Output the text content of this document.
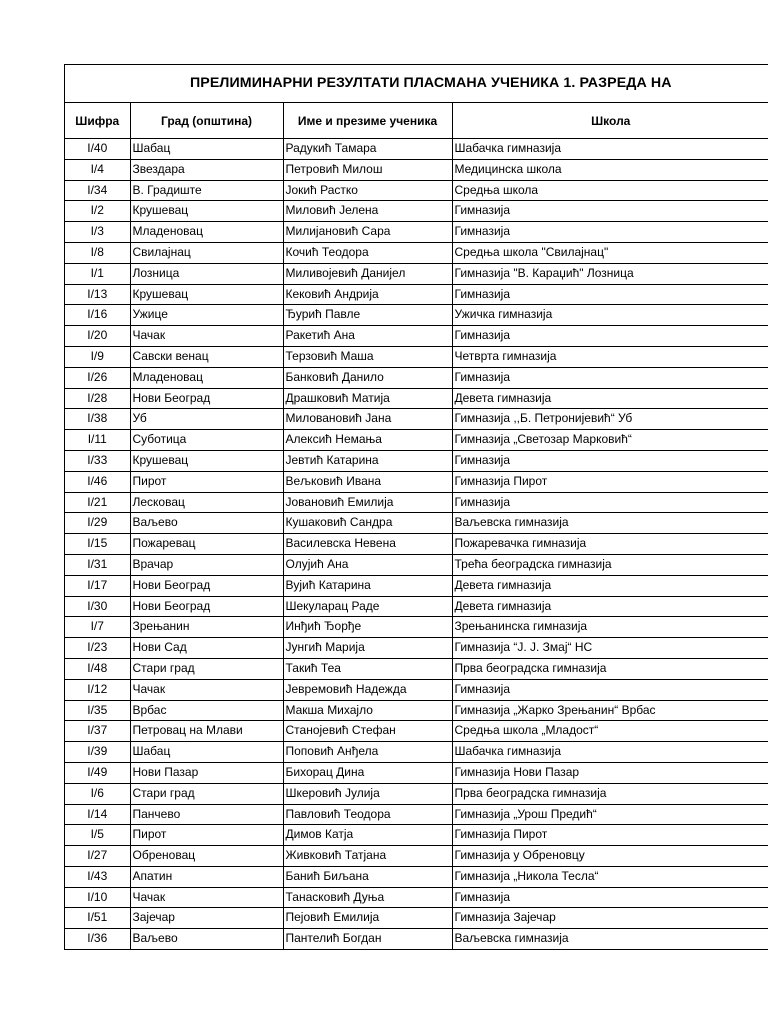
ПРЕЛИМИНАРНИ РЕЗУЛТАТИ ПЛАСМАНА УЧЕНИКА 1. РАЗРЕДА НА
Шифра	Град (општина)	Име и презиме ученика	Школа
I/40	Шабац	Радукић Тамара	Шабачка гимназија
I/4	Звездара	Петровић Милош	Медицинска школа
I/34	В. Градиште	Јокић Растко	Средња школа
I/2	Крушевац	Миловић Јелена	Гимназија
I/3	Младеновац	Милијановић Сара	Гимназија
I/8	Свилајнац	Кочић Теодора	Средња школа "Свилајнац"
I/1	Лозница	Миливојевић Данијел	Гимназија "В. Караџић" Лозница
I/13	Крушевац	Кековић Андрија	Гимназија
I/16	Ужице	Ђурић Павле	Ужичка гимназија
I/20	Чачак	Ракетић Ана	Гимназија
I/9	Савски венац	Терзовић Маша	Четврта гимназија
I/26	Младеновац	Банковић Данило	Гимназија
I/28	Нови Београд	Драшковић Матија	Девета гимназија
I/38	Уб	Миловановић Јана	Гимназија ,,Б. Петронијевић“ Уб
I/11	Суботица	Алексић Немања	Гимназија „Светозар Марковић“
I/33	Крушевац	Јевтић Катарина	Гимназија
I/46	Пирот	Вељковић Ивана	Гимназија Пирот
I/21	Лесковац	Јовановић Емилија	Гимназија
I/29	Ваљево	Кушаковић Сандра	Ваљевска гимназија
I/15	Пожаревац	Василевска Невена	Пожаревачка гимназија
I/31	Врачар	Олујић Ана	Трећа београдска гимназија
I/17	Нови Београд	Вујић Катарина	Девета гимназија
I/30	Нови Београд	Шекуларац Раде	Девета гимназија
I/7	Зрењанин	Инђић Ђорђе	Зрењанинска гимназија
I/23	Нови Сад	Јунгић Марија	Гимназија “J. J. Змај“ НС
I/48	Стари град	Такић Теа	Прва београдска гимназија
I/12	Чачак	Јевремовић Надежда	Гимназија
I/35	Врбас	Макша Михајло	Гимназија „Жарко Зрењанин“ Врбас
I/37	Петровац на Млави	Станојевић Стефан	Средња школа „Младост“
I/39	Шабац	Поповић Анђела	Шабачка гимназија
I/49	Нови Пазар	Бихорац Дина	Гимназија Нови Пазар
I/6	Стари град	Шкеровић Јулија	Прва београдска гимназија
I/14	Панчево	Павловић Теодора	Гимназија „Урош Предић“
I/5	Пирот	Димов Катја	Гимназија Пирот
I/27	Обреновац	Живковић Татјана	Гимназија у Обреновцу
I/43	Апатин	Банић Биљана	Гимназија „Никола Тесла“
I/10	Чачак	Танасковић Дуња	Гимназија
I/51	Зајечар	Пејовић Емилија	Гимназија Зајечар
I/36	Ваљево	Пантелић Богдан	Ваљевска гимназија
